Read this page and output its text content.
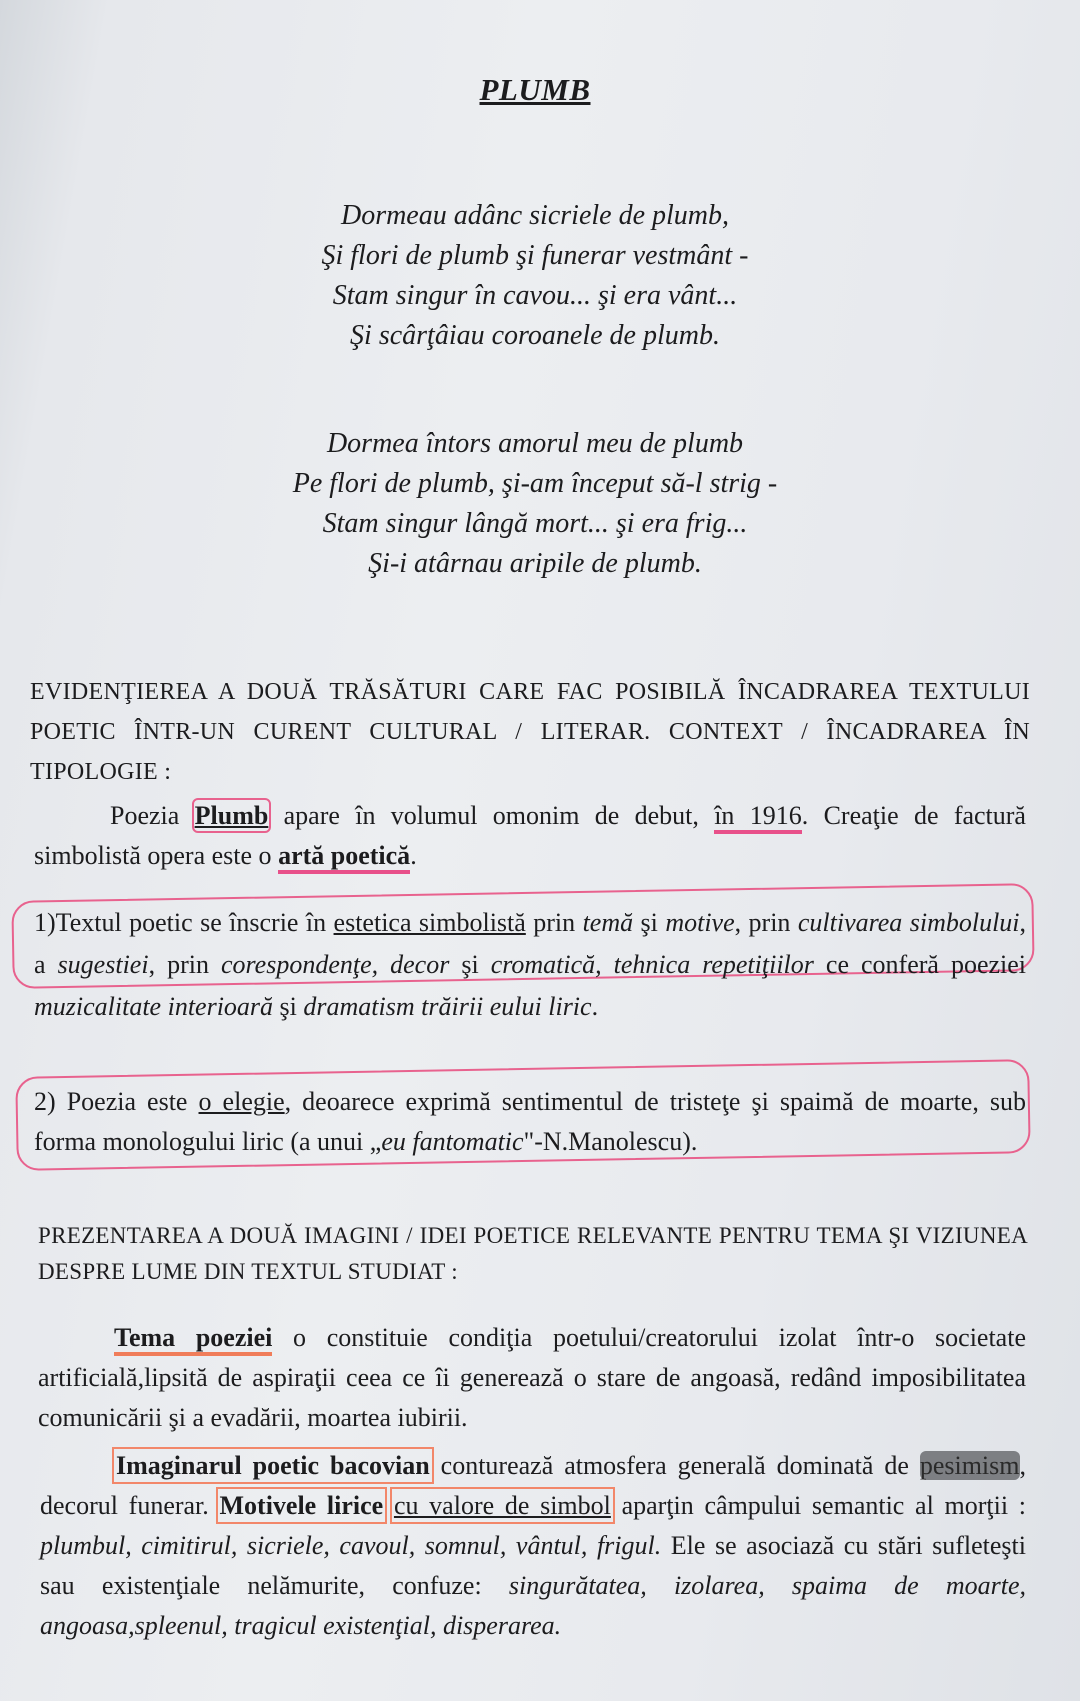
PLUMB
Dormeau adânc sicriele de plumb,
Şi flori de plumb şi funerar vestmânt -
Stam singur în cavou... şi era vânt...
Şi scârţâiau coroanele de plumb.
Dormea întors amorul meu de plumb
Pe flori de plumb, şi-am început să-l strig -
Stam singur lângă mort... şi era frig...
Şi-i atârnau aripile de plumb.
EVIDENŢIEREA A DOUĂ TRĂSĂTURI CARE FAC POSIBILĂ ÎNCADRAREA TEXTULUI POETIC ÎNTR-UN CURENT CULTURAL / LITERAR. CONTEXT / ÎNCADRAREA ÎN TIPOLOGIE :
Poezia Plumb apare în volumul omonim de debut, în 1916. Creaţie de factură simbolistă opera este o artă poetică.
1)Textul poetic se înscrie în estetica simbolistă prin temă şi motive, prin cultivarea simbolului, a sugestiei, prin corespondenţe, decor şi cromatică, tehnica repetiţiilor ce conferă poeziei muzicalitate interioară şi dramatism trăirii eului liric.
2) Poezia este o elegie, deoarece exprimă sentimentul de tristeţe şi spaimă de moarte, sub forma monologului liric (a unui „eu fantomatic"-N.Manolescu).
PREZENTAREA A DOUĂ IMAGINI / IDEI POETICE RELEVANTE PENTRU TEMA ŞI VIZIUNEA DESPRE LUME DIN TEXTUL STUDIAT :
Tema poeziei o constituie condiţia poetului/creatorului izolat într-o societate artificială,lipsită de aspiraţii ceea ce îi generează o stare de angoasă, redând imposibilitatea comunicării şi a evadării, moartea iubirii.
Imaginarul poetic bacovian conturează atmosfera generală dominată de pesimism, decorul funerar. Motivele lirice cu valore de simbol aparţin câmpului semantic al morţii : plumbul, cimitirul, sicriele, cavoul, somnul, vântul, frigul. Ele se asociază cu stări sufleteşti sau existenţiale nelămurite, confuze: singurătatea, izolarea, spaima de moarte, angoasa,spleenul, tragicul existenţial, disperarea.
